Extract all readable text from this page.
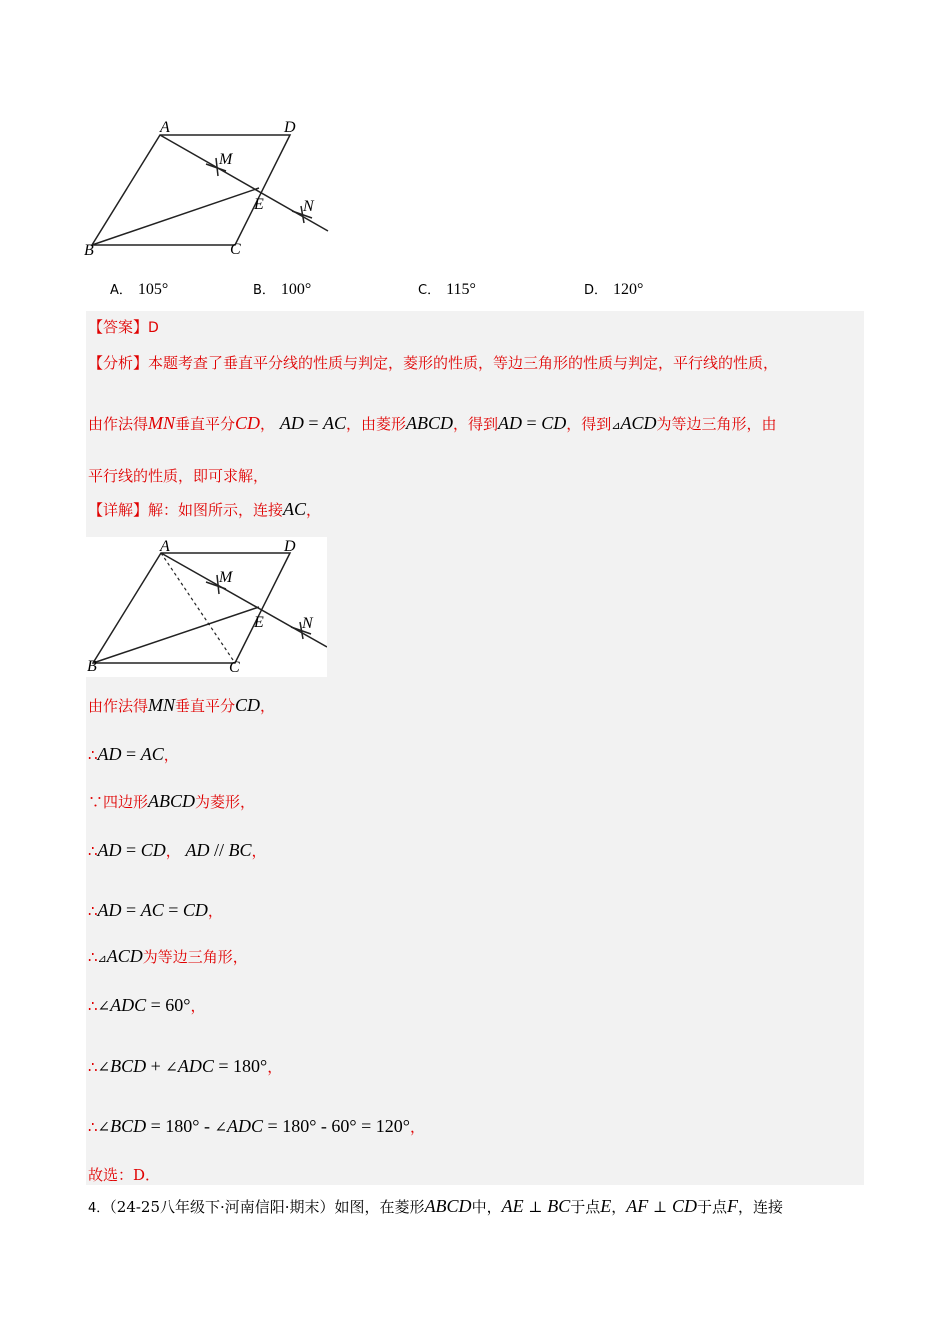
A	D
M
E N
B	C
A． 105°	B． 100°	C． 115°	D． 120°
【答案】D
【分析】本题考查了垂直平分线的性质与判定，菱形的性质，等边三角形的性质与判定，平行线的性质，
由作法得MN垂直平分CD， AD = AC，由菱形ABCD，得到AD = CD，得到⊿ACD为等边三角形，由
平行线的性质，即可求解，
【详解】解：如图所示，连接AC，
A	D
M
E N
B	C
由作法得MN垂直平分CD，
∴AD = AC，
∵四边形ABCD为菱形，
∴AD = CD， AD // BC，
∴AD = AC = CD，
∴⊿ACD为等边三角形，
∴∠ADC = 60°，
∴∠BCD + ∠ADC = 180°，
∴∠BCD = 180° - ∠ADC = 180° - 60° = 120°，
故选：D．
4．（24-25八年级下·河南信阳·期末）如图，在菱形ABCD中，AE ⊥ BC于点E，AF ⊥ CD于点F，连接
